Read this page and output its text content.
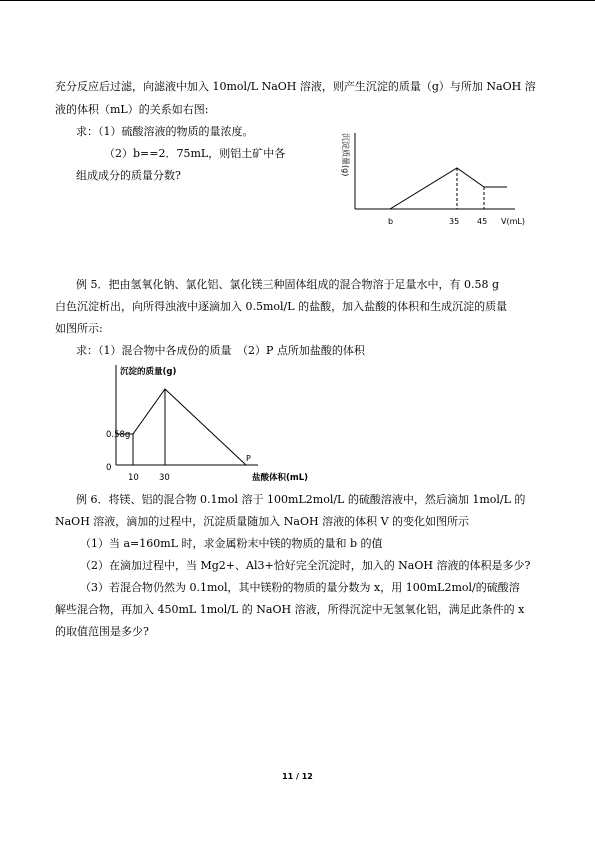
充分反应后过滤，向滤液中加入 10mol/L NaOH 溶液，则产生沉淀的质量（g）与所加 NaOH 溶
液的体积（mL）的关系如右图:
求：（1）硫酸溶液的物质的量浓度。
（2）b==2．75mL，则铝土矿中各
组成成分的质量分数?	沉淀质量(g)
b	35 45 V(mL)
例 5．把由氢氧化钠、氯化铝、氯化镁三种固体组成的混合物溶于足量水中，有 0.58 g
白色沉淀析出，向所得浊液中逐滴加入 0.5mol/L 的盐酸，加入盐酸的体积和生成沉淀的质量
如图所示:
求：（1）混合物中各成份的质量　（2）P 点所加盐酸的体积
沉淀的质量(g)
0.58g
0
P
10 30	盐酸体积(mL)
例 6．将镁、铝的混合物 0.1mol 溶于 100mL2mol/L 的硫酸溶液中，然后滴加 1mol/L 的
NaOH 溶液，滴加的过程中，沉淀质量随加入 NaOH 溶液的体积 V 的变化如图所示
（1）当 a=160mL 时，求金属粉末中镁的物质的量和 b 的值
（2）在滴加过程中，当 Mg2+、Al3+恰好完全沉淀时，加入的 NaOH 溶液的体积是多少?
（3）若混合物仍然为 0.1mol，其中镁粉的物质的量分数为 x，用 100mL2mol/的硫酸溶
解些混合物，再加入 450mL 1mol/L 的 NaOH 溶液，所得沉淀中无氢氧化铝，满足此条件的 x
的取值范围是多少?
11 / 12
